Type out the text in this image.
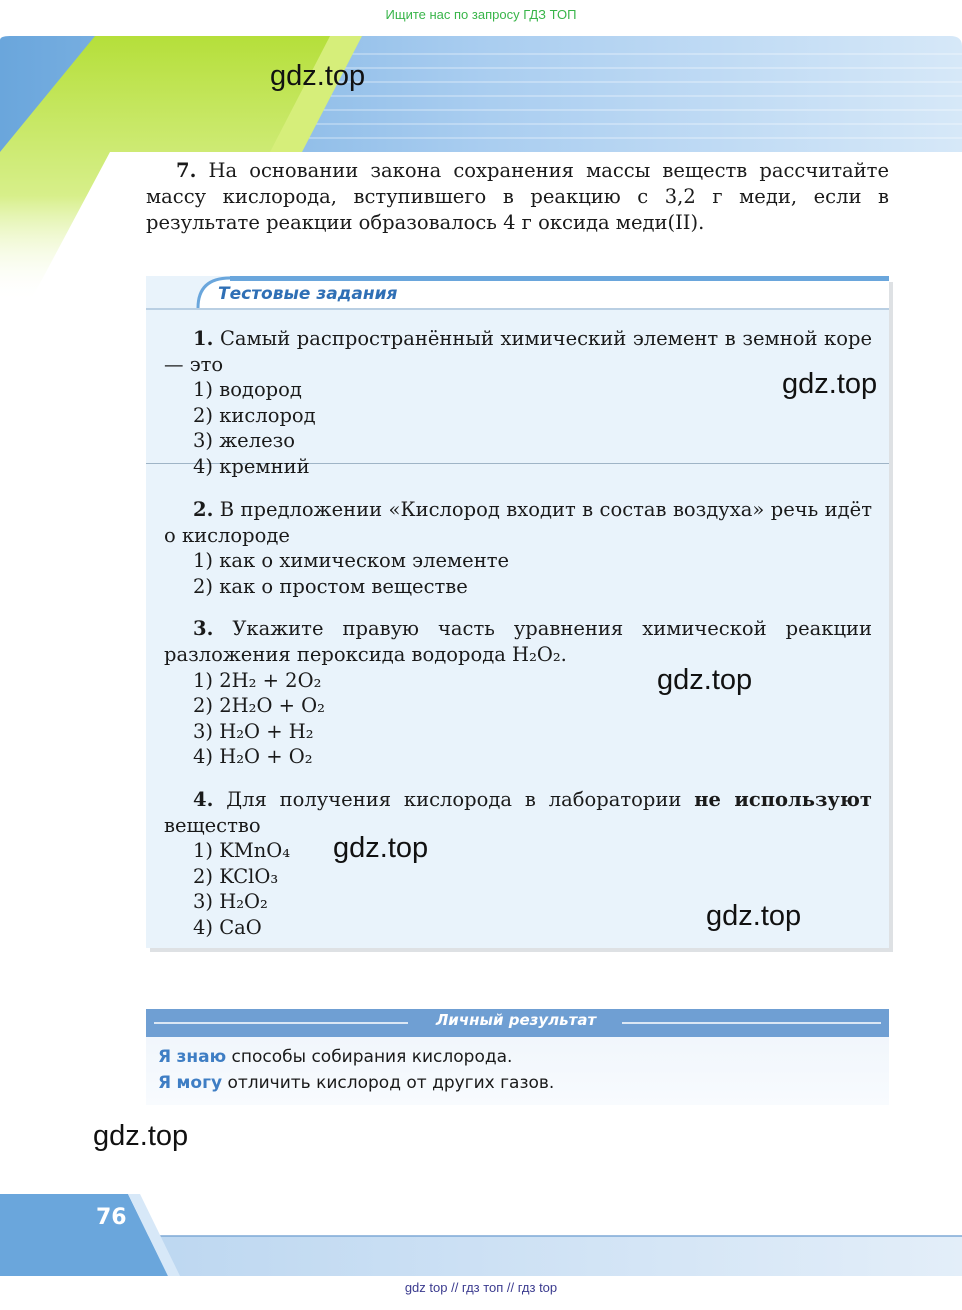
Ищите нас по запросу ГДЗ ТОП
gdz.top
7. На основании закона сохранения массы веществ рассчитайте массу кислорода, вступившего в реакцию с 3,2 г меди, если в результате реакции образовалось 4 г оксида меди(II).
Тестовые задания
1. Самый распространённый химический элемент в земной коре — это
1) водород
2) кислород
3) железо
4) кремний
gdz.top
2. В предложении «Кислород входит в состав воздуха» речь идёт о кислороде
1) как о химическом элементе
2) как о простом веществе
3. Укажите правую часть уравнения химической реакции разложения пероксида водорода H₂O₂.
1) 2H₂ + 2O₂
2) 2H₂O + O₂
3) H₂O + H₂
4) H₂O + O₂
gdz.top
4. Для получения кислорода в лаборатории не используют вещество
1) KMnO₄
2) KClO₃
3) H₂O₂
4) CaO
gdz.top
gdz.top
Личный результат
Я знаю способы собирания кислорода.
Я могу отличить кислород от других газов.
gdz.top
76
gdz top // гдз топ // гдз top
